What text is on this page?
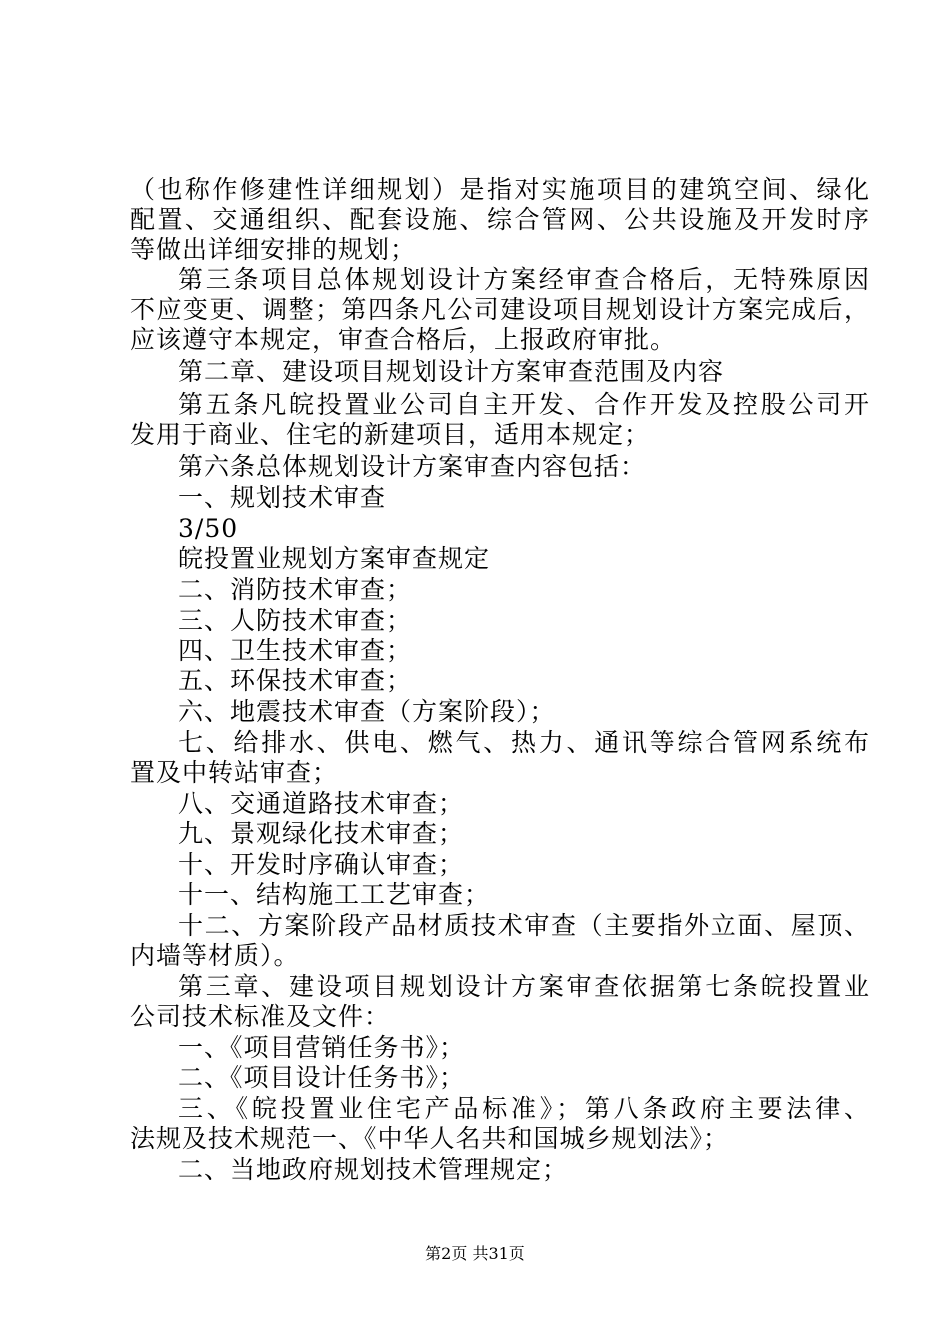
（也称作修建性详细规划）是指对实施项目的建筑空间、绿化
配置、交通组织、配套设施、综合管网、公共设施及开发时序
等做出详细安排的规划；
第三条项目总体规划设计方案经审查合格后，无特殊原因
不应变更、调整；第四条凡公司建设项目规划设计方案完成后，
应该遵守本规定，审查合格后，上报政府审批。
第二章、建设项目规划设计方案审查范围及内容
第五条凡皖投置业公司自主开发、合作开发及控股公司开
发用于商业、住宅的新建项目，适用本规定；
第六条总体规划设计方案审查内容包括：
一、规划技术审查
3/50
皖投置业规划方案审查规定
二、消防技术审查；
三、人防技术审查；
四、卫生技术审查；
五、环保技术审查；
六、地震技术审查（方案阶段）；
七、给排水、供电、燃气、热力、通讯等综合管网系统布
置及中转站审查；
八、交通道路技术审查；
九、景观绿化技术审查；
十、开发时序确认审查；
十一、结构施工工艺审查；
十二、方案阶段产品材质技术审查（主要指外立面、屋顶、
内墙等材质）。
第三章、建设项目规划设计方案审查依据第七条皖投置业
公司技术标准及文件：
一、《项目营销任务书》；
二、《项目设计任务书》；
三、《皖投置业住宅产品标准》；第八条政府主要法律、
法规及技术规范一、《中华人名共和国城乡规划法》；
二、当地政府规划技术管理规定；
第2页 共31页
